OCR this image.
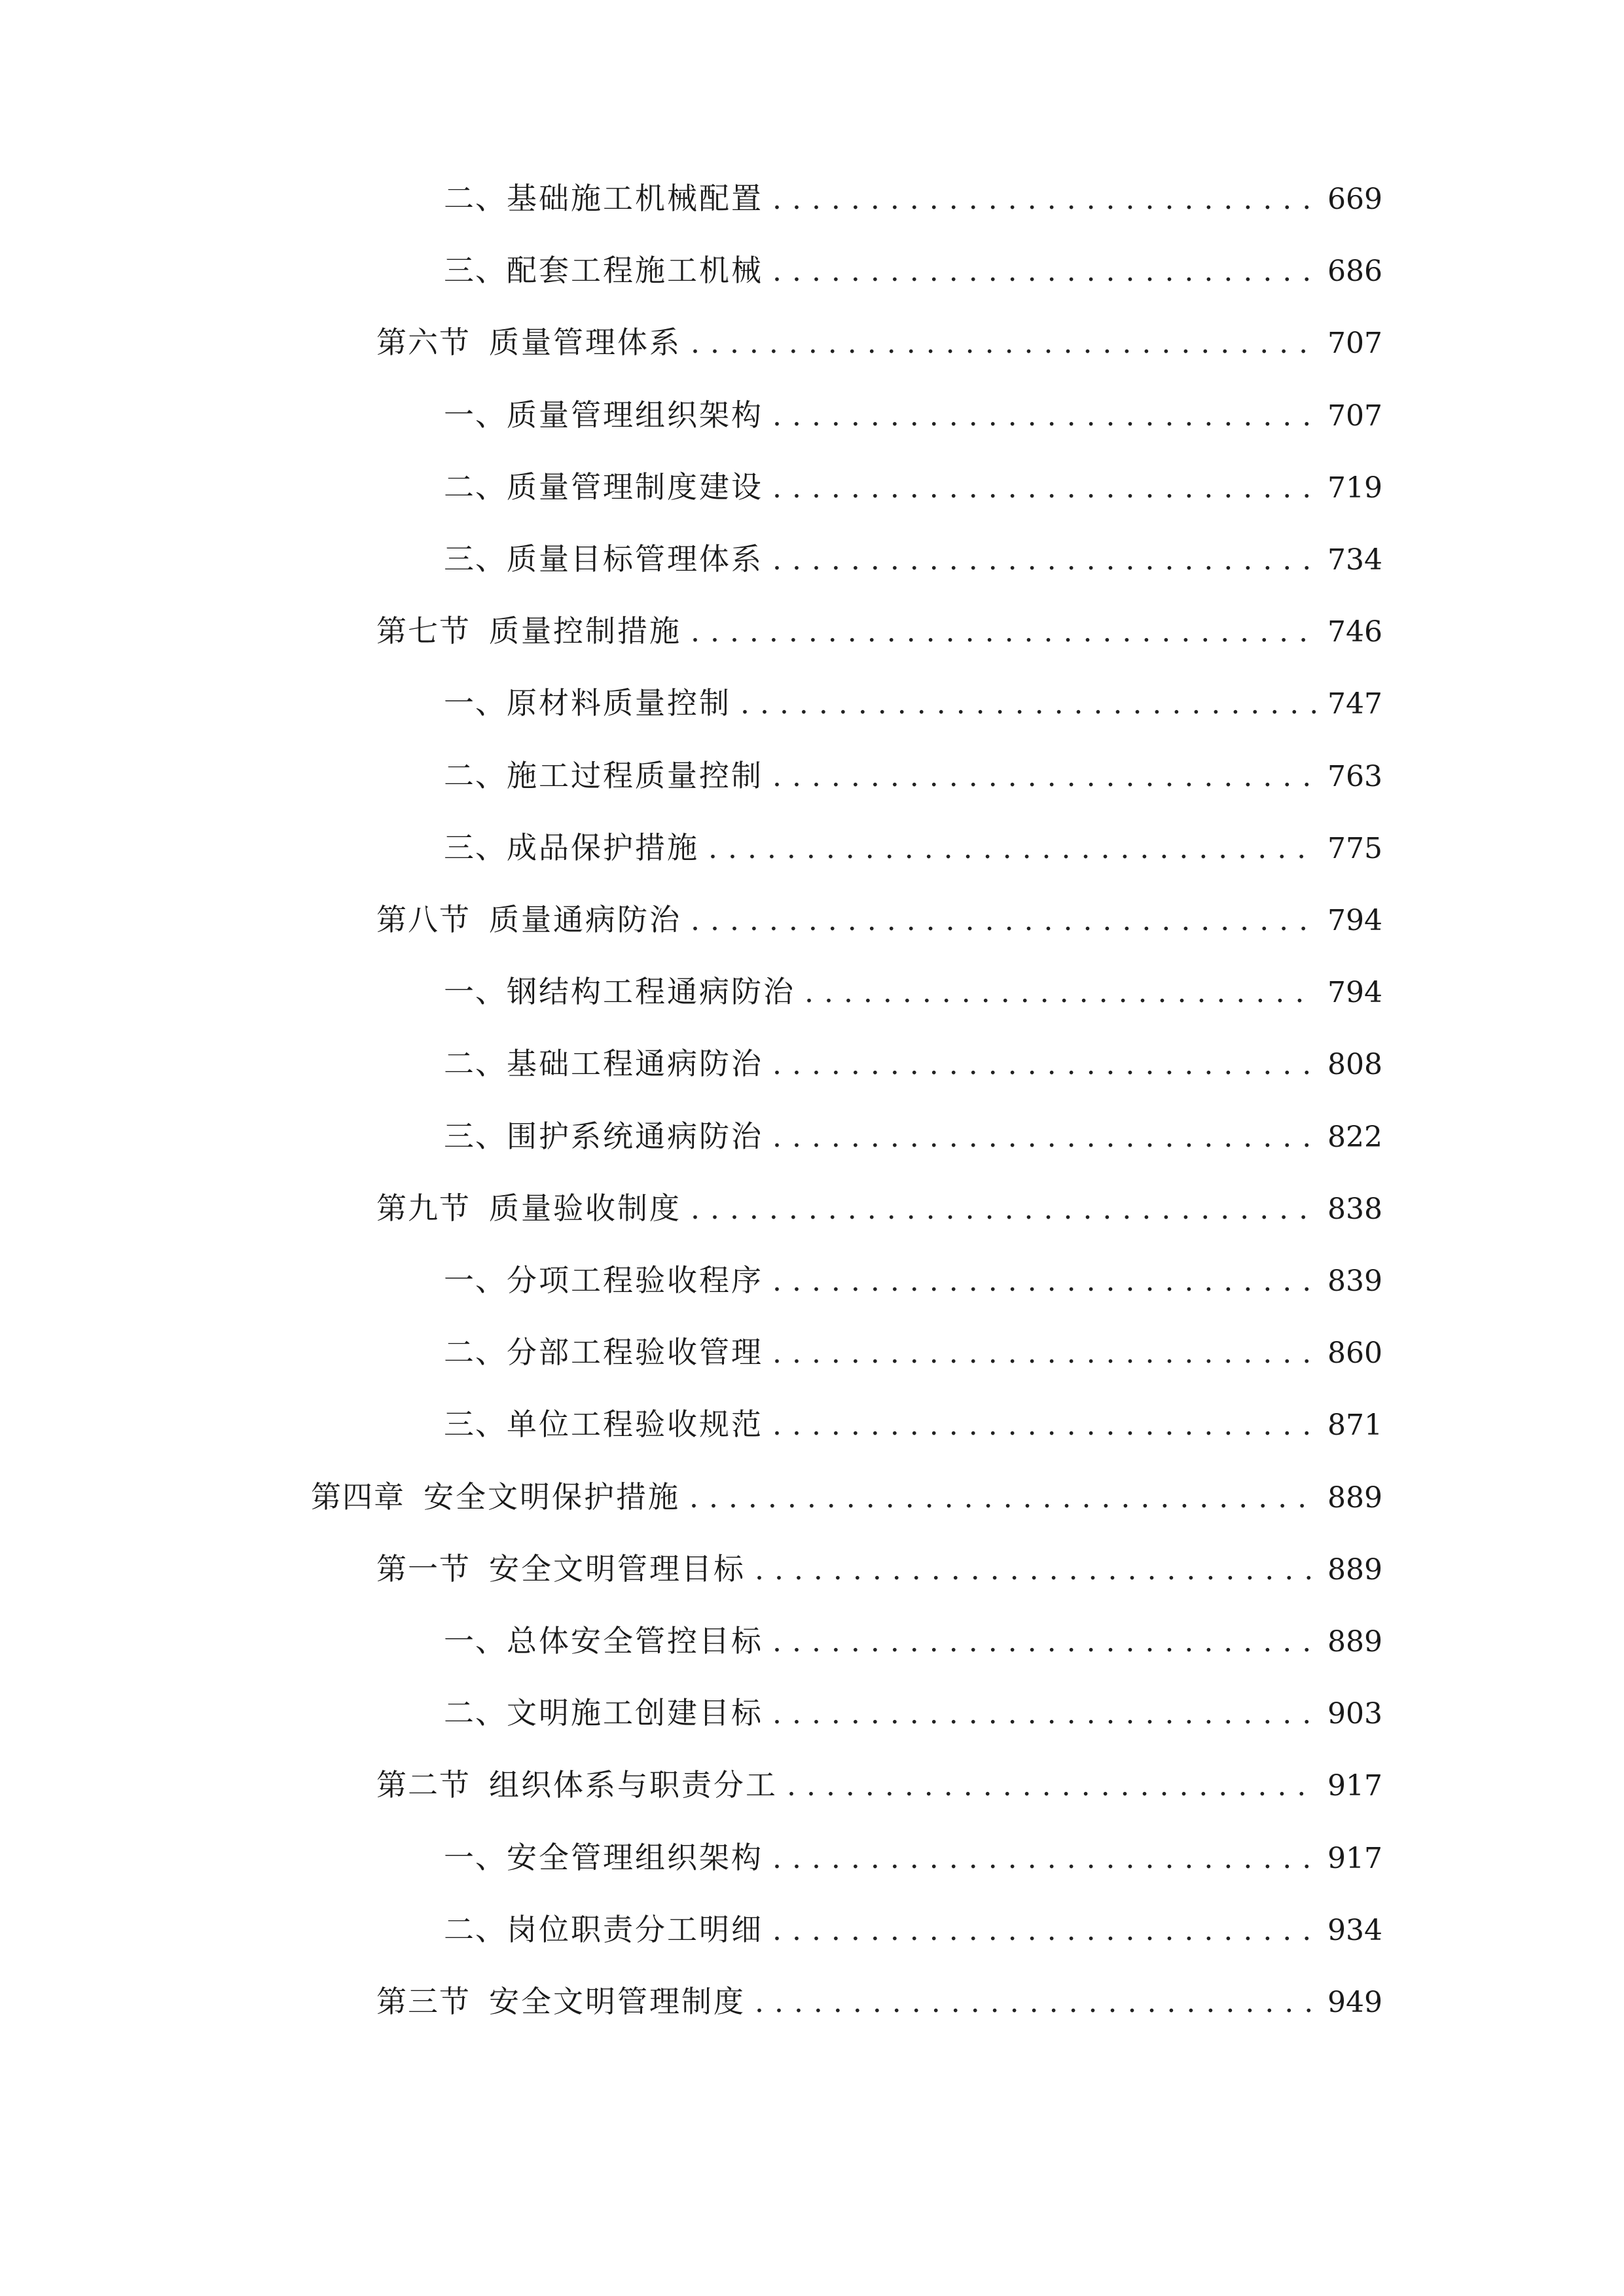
二、 基础施工机械配置 . . .	669
三、 配套工程施工机械 . . .	686
第六节 质量管理体系 . . .	707
一、 质量管理组织架构 . . .	707
二、 质量管理制度建设 . . .	719
三、 质量目标管理体系 . . .	734
第七节 质量控制措施 . . .	746
一、 原材料质量控制 . . .	747
二、 施工过程质量控制 . . .	763
三、 成品保护措施 . . .	775
第八节 质量通病防治 . . .	794
一、 钢结构工程通病防治 . . .	794
二、 基础工程通病防治 . . .	808
三、 围护系统通病防治 . . .	822
第九节 质量验收制度 . . .	838
一、 分项工程验收程序 . . .	839
二、 分部工程验收管理 . . .	860
三、 单位工程验收规范 . . .	871
第四章 安全文明保护措施 . . .	889
第一节 安全文明管理目标 . . .	889
一、 总体安全管控目标 . . .	889
二、 文明施工创建目标 . . .	903
第二节 组织体系与职责分工 . . .	917
一、 安全管理组织架构 . . .	917
二、 岗位职责分工明细 . . .	934
第三节 安全文明管理制度 . . .	949
